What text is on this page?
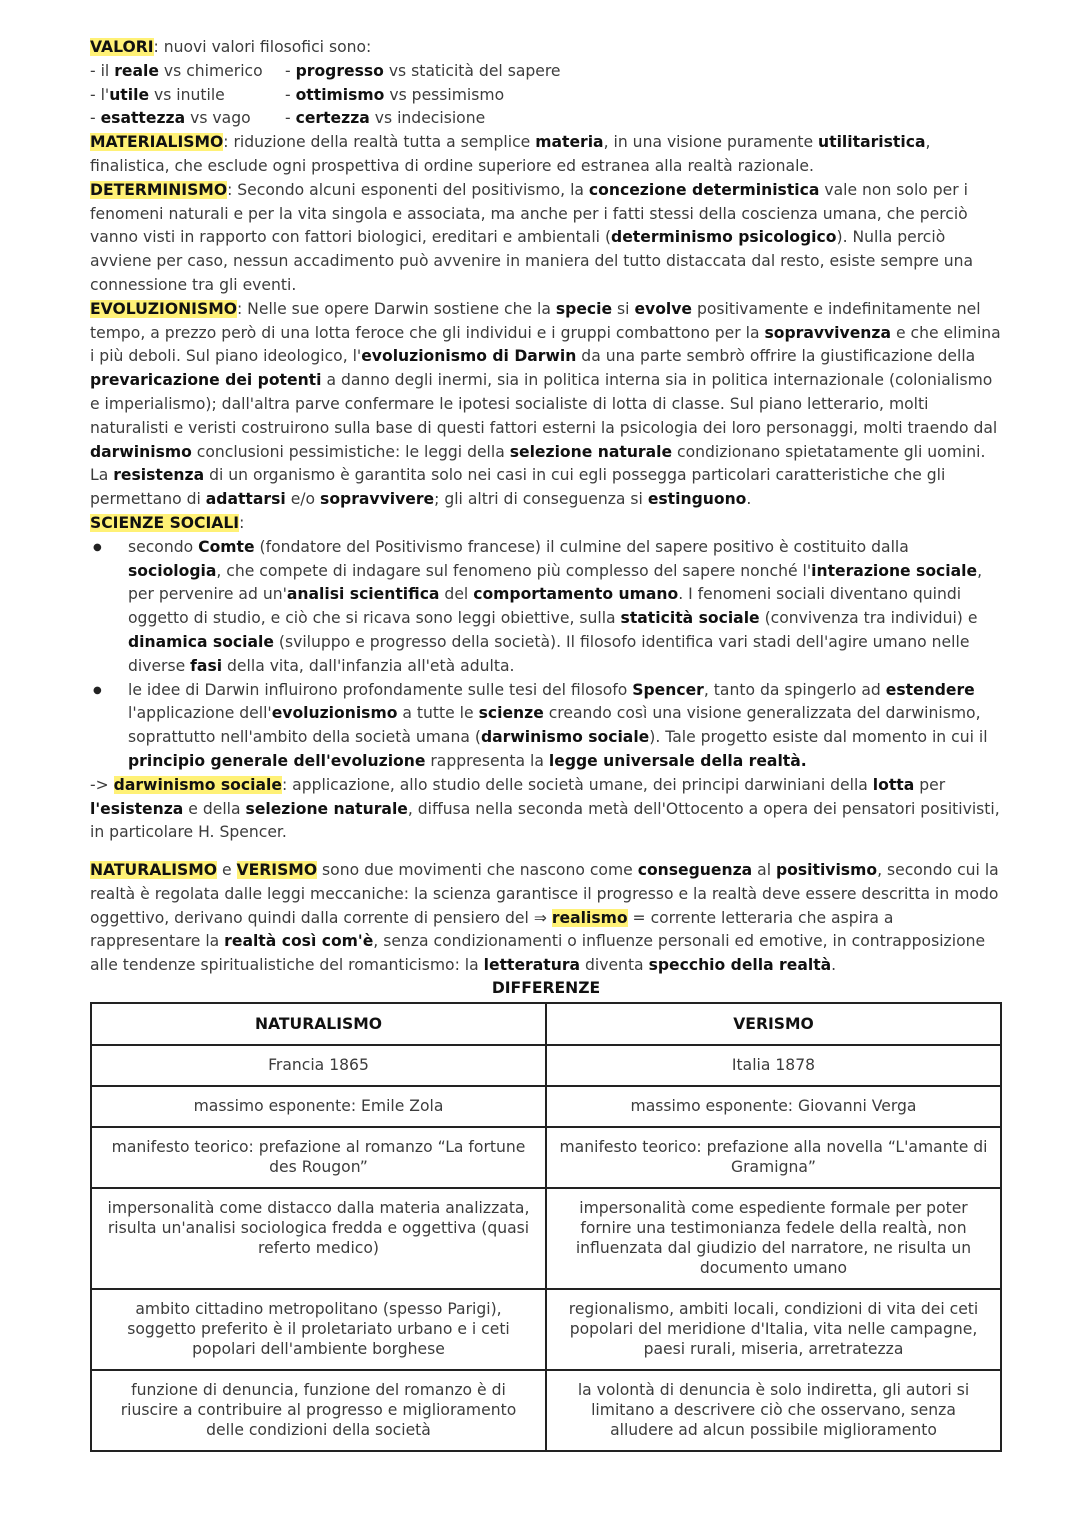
VALORI: nuovi valori filosofici sono:

- il reale vs chimerico	- progresso vs staticità del sapere

- l'utile vs inutile	- ottimismo vs pessimismo

- esattezza vs vago	- certezza vs indecisione

MATERIALISMO: riduzione della realtà tutta a semplice materia, in una visione puramente utilitaristica, finalistica, che esclude ogni prospettiva di ordine superiore ed estranea alla realtà razionale.

DETERMINISMO: Secondo alcuni esponenti del positivismo, la concezione deterministica vale non solo per i fenomeni naturali e per la vita singola e associata, ma anche per i fatti stessi della coscienza umana, che perciò vanno visti in rapporto con fattori biologici, ereditari e ambientali (determinismo psicologico). Nulla perciò avviene per caso, nessun accadimento può avvenire in maniera del tutto distaccata dal resto, esiste sempre una connessione tra gli eventi.

EVOLUZIONISMO: Nelle sue opere Darwin sostiene che la specie si evolve positivamente e indefinitamente nel tempo, a prezzo però di una lotta feroce che gli individui e i gruppi combattono per la sopravvivenza e che elimina i più deboli. Sul piano ideologico, l'evoluzionismo di Darwin da una parte sembrò offrire la giustificazione della prevaricazione dei potenti a danno degli inermi, sia in politica interna sia in politica internazionale (colonialismo e imperialismo); dall'altra parve confermare le ipotesi socialiste di lotta di classe. Sul piano letterario, molti naturalisti e veristi costruirono sulla base di questi fattori esterni la psicologia dei loro personaggi, molti traendo dal darwinismo conclusioni pessimistiche: le leggi della selezione naturale condizionano spietatamente gli uomini. La resistenza di un organismo è garantita solo nei casi in cui egli possegga particolari caratteristiche che gli permettano di adattarsi e/o sopravvivere; gli altri di conseguenza si estinguono.

SCIENZE SOCIALI:

● secondo Comte (fondatore del Positivismo francese) il culmine del sapere positivo è costituito dalla sociologia, che compete di indagare sul fenomeno più complesso del sapere nonché l'interazione sociale, per pervenire ad un'analisi scientifica del comportamento umano. I fenomeni sociali diventano quindi oggetto di studio, e ciò che si ricava sono leggi obiettive, sulla staticità sociale (convivenza tra individui) e dinamica sociale (sviluppo e progresso della società). Il filosofo identifica vari stadi dell'agire umano nelle diverse fasi della vita, dall'infanzia all'età adulta.
● le idee di Darwin influirono profondamente sulle tesi del filosofo Spencer, tanto da spingerlo ad estendere l'applicazione dell'evoluzionismo a tutte le scienze creando così una visione generalizzata del darwinismo, soprattutto nell'ambito della società umana (darwinismo sociale). Tale progetto esiste dal momento in cui il principio generale dell'evoluzione rappresenta la legge universale della realtà.

-> darwinismo sociale: applicazione, allo studio delle società umane, dei principi darwiniani della lotta per l'esistenza e della selezione naturale, diffusa nella seconda metà dell'Ottocento a opera dei pensatori positivisti, in particolare H. Spencer.

NATURALISMO e VERISMO sono due movimenti che nascono come conseguenza al positivismo, secondo cui la realtà è regolata dalle leggi meccaniche: la scienza garantisce il progresso e la realtà deve essere descritta in modo oggettivo, derivano quindi dalla corrente di pensiero del ⇒ realismo = corrente letteraria che aspira a rappresentare la realtà così com'è, senza condizionamenti o influenze personali ed emotive, in contrapposizione alle tendenze spiritualistiche del romanticismo: la letteratura diventa specchio della realtà.

DIFFERENZE
NATURALISMO	VERISMO
Francia 1865	Italia 1878
massimo esponente: Emile Zola	massimo esponente: Giovanni Verga
manifesto teorico: prefazione al romanzo “La fortune des Rougon”	manifesto teorico: prefazione alla novella “L'amante di Gramigna”
impersonalità come distacco dalla materia analizzata, risulta un'analisi sociologica fredda e oggettiva (quasi referto medico)	impersonalità come espediente formale per poter fornire una testimonianza fedele della realtà, non influenzata dal giudizio del narratore, ne risulta un documento umano
ambito cittadino metropolitano (spesso Parigi), soggetto preferito è il proletariato urbano e i ceti popolari dell'ambiente borghese	regionalismo, ambiti locali, condizioni di vita dei ceti popolari del meridione d'Italia, vita nelle campagne, paesi rurali, miseria, arretratezza
funzione di denuncia, funzione del romanzo è di riuscire a contribuire al progresso e miglioramento delle condizioni della società	la volontà di denuncia è solo indiretta, gli autori si limitano a descrivere ciò che osservano, senza alludere ad alcun possibile miglioramento
